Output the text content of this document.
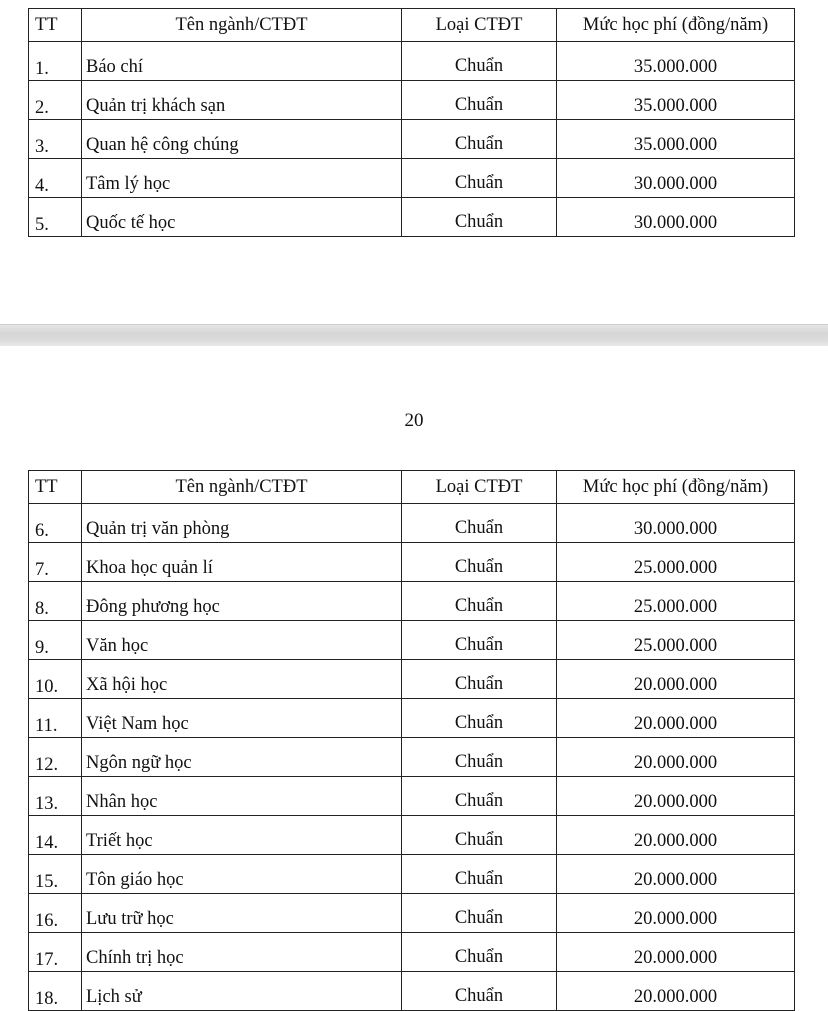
TT	Tên ngành/CTĐT	Loại CTĐT	Mức học phí (đồng/năm)
1.	Báo chí	Chuẩn	35.000.000
2.	Quản trị khách sạn	Chuẩn	35.000.000
3.	Quan hệ công chúng	Chuẩn	35.000.000
4.	Tâm lý học	Chuẩn	30.000.000
5.	Quốc tế học	Chuẩn	30.000.000
20
TT	Tên ngành/CTĐT	Loại CTĐT	Mức học phí (đồng/năm)
6.	Quản trị văn phòng	Chuẩn	30.000.000
7.	Khoa học quản lí	Chuẩn	25.000.000
8.	Đông phương học	Chuẩn	25.000.000
9.	Văn học	Chuẩn	25.000.000
10.	Xã hội học	Chuẩn	20.000.000
11.	Việt Nam học	Chuẩn	20.000.000
12.	Ngôn ngữ học	Chuẩn	20.000.000
13.	Nhân học	Chuẩn	20.000.000
14.	Triết học	Chuẩn	20.000.000
15.	Tôn giáo học	Chuẩn	20.000.000
16.	Lưu trữ học	Chuẩn	20.000.000
17.	Chính trị học	Chuẩn	20.000.000
18.	Lịch sử	Chuẩn	20.000.000
